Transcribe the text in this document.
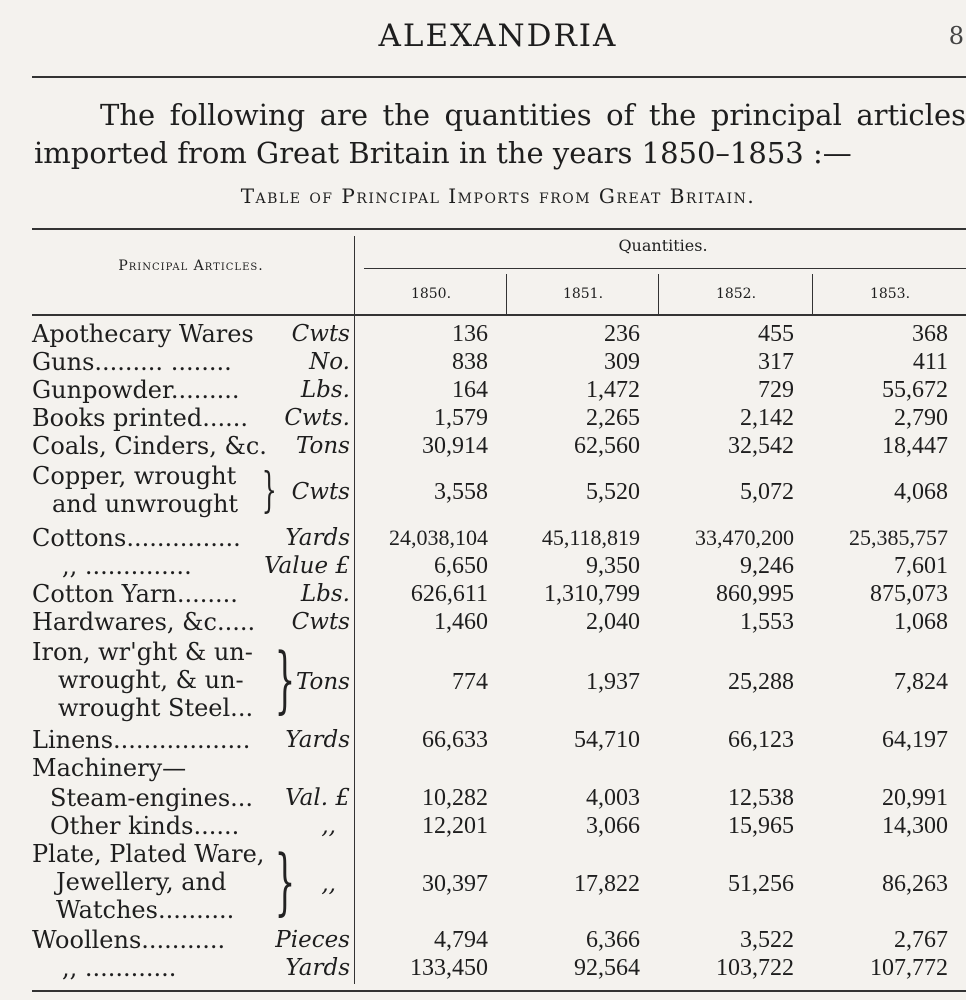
ALEXANDRIA	8

The following are the quantities of the principal articles imported from Great Britain in the years 1850–1853 :—

Table of Principal Imports from Great Britain.
Principal Articles.
Quantities.
1850.	1851.	1852.	1853.
Apothecary Wares Cwts	136	236	455	368
Guns......... ........	No.	838	309	317	411
Gunpowder.........	Lbs.	164	1,472	729	55,672
Books printed...... Cwts.	1,579	2,265	2,142	2,790
Coals, Cinders, &c. Tons	30,914	62,560	32,542	18,447
Copper, wrought
and unwrought } Cwts	3,558	5,520	5,072	4,068
Cottons............... Yards	24,038,104	45,118,819	33,470,200	25,385,757
,, ..............	Value £	6,650	9,350	9,246	7,601
Cotton Yarn........	Lbs.	626,611	1,310,799	860,995	875,073
Hardwares, &c..... Cwts	1,460	2,040	1,553	1,068
Iron, wr'ght & un-
wrought, & un-
wrought Steel... } Tons	774	1,937	25,288	7,824
Linens.................. Yards	66,633	54,710	66,123	64,197
Machinery—
Steam-engines... Val. £	10,282	4,003	12,538	20,991
Other kinds......	,,	12,201	3,066	15,965	14,300
Plate, Plated Ware,
Jewellery, and
Watches.......... } ,,	30,397	17,822	51,256	86,263
Woollens........... Pieces	4,794	6,366	3,522	2,767
,, ............	Yards	133,450	92,564	103,722	107,772
